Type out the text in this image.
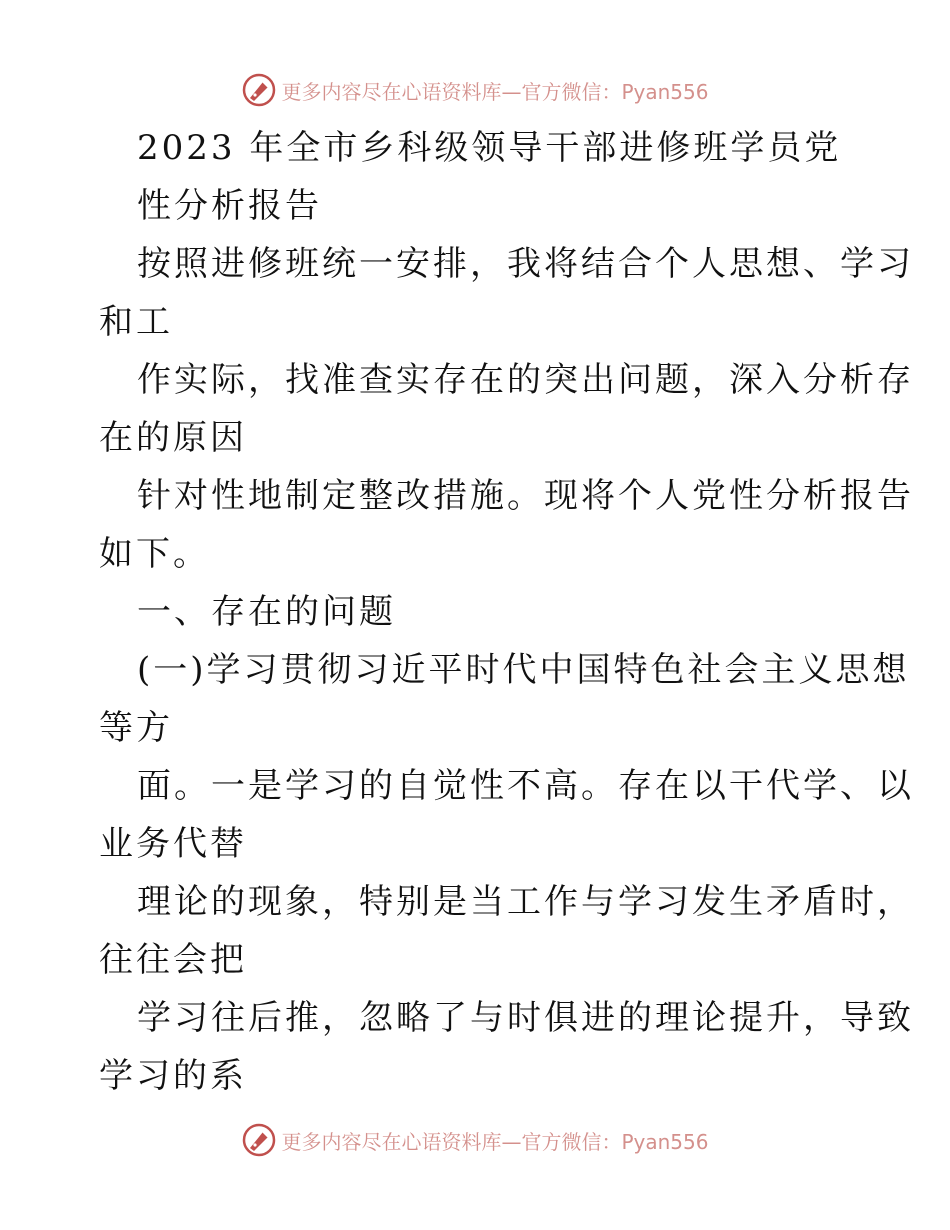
更多内容尽在心语资料库—官方微信：Pyan556
2023 年全市乡科级领导干部进修班学员党
性分析报告
按照进修班统一安排，我将结合个人思想、学习
和工
作实际，找准查实存在的突出问题，深入分析存
在的原因
针对性地制定整改措施。现将个人党性分析报告
如下。
一、存在的问题
(一)学习贯彻习近平时代中国特色社会主义思想
等方
面。一是学习的自觉性不高。存在以干代学、以
业务代替
理论的现象，特别是当工作与学习发生矛盾时，
往往会把
学习往后推，忽略了与时俱进的理论提升，导致
学习的系
更多内容尽在心语资料库—官方微信：Pyan556
